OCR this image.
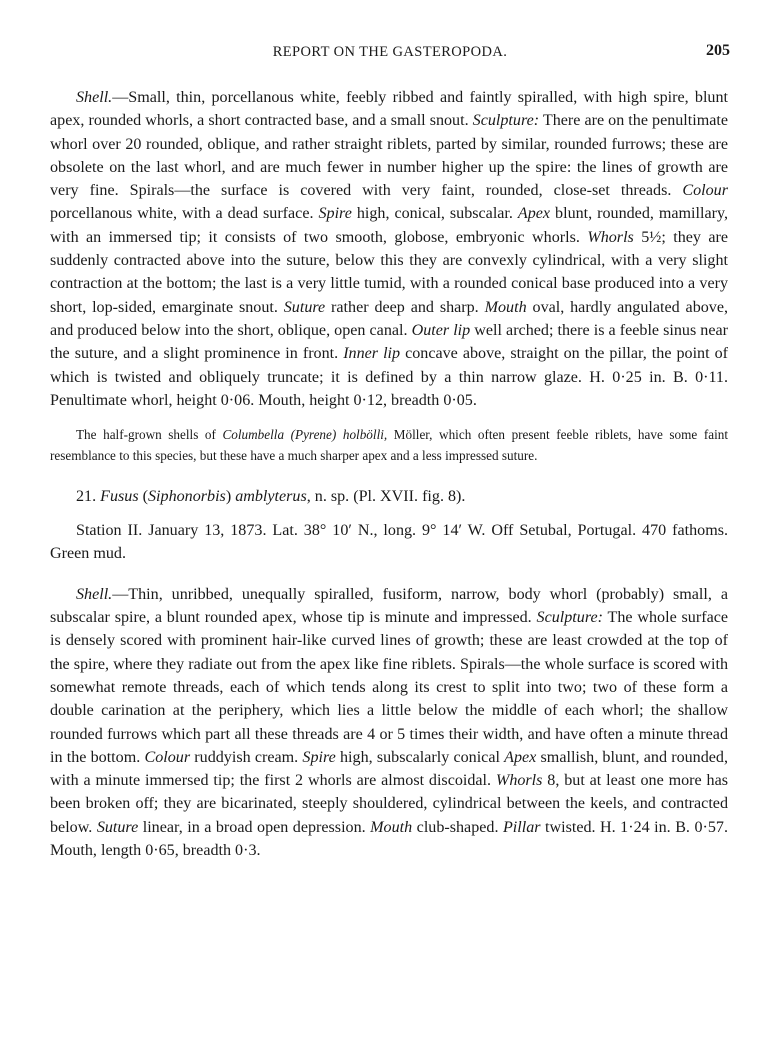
REPORT ON THE GASTEROPODA.	205

Shell.—Small, thin, porcellanous white, feebly ribbed and faintly spiralled, with high spire, blunt apex, rounded whorls, a short contracted base, and a small snout. Sculpture: There are on the penultimate whorl over 20 rounded, oblique, and rather straight riblets, parted by similar, rounded furrows; these are obsolete on the last whorl, and are much fewer in number higher up the spire: the lines of growth are very fine. Spirals—the surface is covered with very faint, rounded, close-set threads. Colour porcellanous white, with a dead surface. Spire high, conical, subscalar. Apex blunt, rounded, mamillary, with an immersed tip; it consists of two smooth, globose, embryonic whorls. Whorls 5½; they are suddenly contracted above into the suture, below this they are convexly cylindrical, with a very slight contraction at the bottom; the last is a very little tumid, with a rounded conical base produced into a very short, lop-sided, emarginate snout. Suture rather deep and sharp. Mouth oval, hardly angulated above, and produced below into the short, oblique, open canal. Outer lip well arched; there is a feeble sinus near the suture, and a slight prominence in front. Inner lip concave above, straight on the pillar, the point of which is twisted and obliquely truncate; it is defined by a thin narrow glaze. H. 0·25 in. B. 0·11. Penultimate whorl, height 0·06. Mouth, height 0·12, breadth 0·05.

The half-grown shells of Columbella (Pyrene) holbölli, Möller, which often present feeble riblets, have some faint resemblance to this species, but these have a much sharper apex and a less impressed suture.

21. Fusus (Siphonorbis) amblyterus, n. sp. (Pl. XVII. fig. 8).

Station II. January 13, 1873. Lat. 38° 10′ N., long. 9° 14′ W. Off Setubal, Portugal. 470 fathoms. Green mud.

Shell.—Thin, unribbed, unequally spiralled, fusiform, narrow, body whorl (probably) small, a subscalar spire, a blunt rounded apex, whose tip is minute and impressed. Sculpture: The whole surface is densely scored with prominent hair-like curved lines of growth; these are least crowded at the top of the spire, where they radiate out from the apex like fine riblets. Spirals—the whole surface is scored with somewhat remote threads, each of which tends along its crest to split into two; two of these form a double carination at the periphery, which lies a little below the middle of each whorl; the shallow rounded furrows which part all these threads are 4 or 5 times their width, and have often a minute thread in the bottom. Colour ruddyish cream. Spire high, subscalarly conical Apex smallish, blunt, and rounded, with a minute immersed tip; the first 2 whorls are almost discoidal. Whorls 8, but at least one more has been broken off; they are bicarinated, steeply shouldered, cylindrical between the keels, and contracted below. Suture linear, in a broad open depression. Mouth club-shaped. Pillar twisted. H. 1·24 in. B. 0·57. Mouth, length 0·65, breadth 0·3.
